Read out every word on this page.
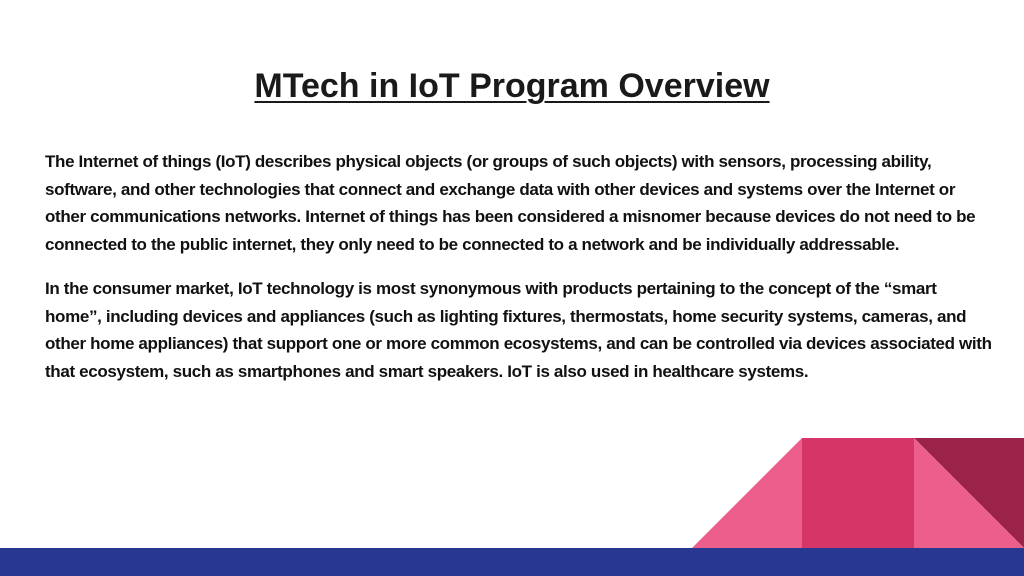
MTech in IoT Program Overview

The Internet of things (IoT) describes physical objects (or groups of such objects) with sensors, processing ability, software, and other technologies that connect and exchange data with other devices and systems over the Internet or other communications networks. Internet of things has been considered a misnomer because devices do not need to be connected to the public internet, they only need to be connected to a network and be individually addressable.

In the consumer market, IoT technology is most synonymous with products pertaining to the concept of the “smart home”, including devices and appliances (such as lighting fixtures, thermostats, home security systems, cameras, and other home appliances) that support one or more common ecosystems, and can be controlled via devices associated with that ecosystem, such as smartphones and smart speakers. IoT is also used in healthcare systems.
